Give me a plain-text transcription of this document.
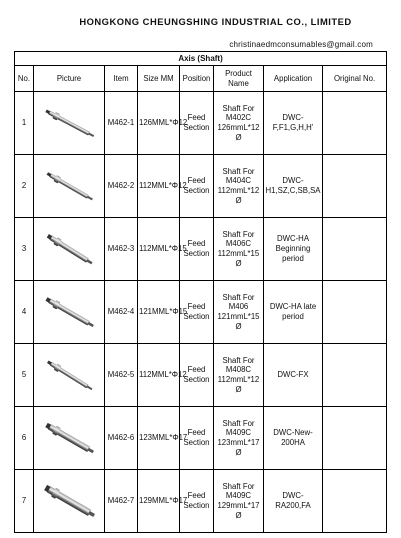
HONGKONG CHEUNGSHING INDUSTRIAL CO., LIMITED
christinaedmconsumables@gmail.com
Axis (Shaft)							
No.	Picture	Item	Size MM	Position	Product Name	Application	Original No.
1		M462-1	126MML*Φ12	Feed Section	Shaft For M402C 126mmL*12 Ø	DWC-F,F1,G,H,H'	
2		M462-2	112MML*Φ12	Feed Section	Shaft For M404C 112mmL*12 Ø	DWC-H1,SZ,C,SB,SA	
3		M462-3	112MML*Φ15	Feed Section	Shaft For M406C 112mmL*15 Ø	DWC-HA Beginning period	
4		M462-4	121MML*Φ15	Feed Section	Shaft For M406 121mmL*15 Ø	DWC-HA late period	
5		M462-5	112MML*Φ12	Feed Section	Shaft For M408C 112mmL*12 Ø	DWC-FX	
6		M462-6	123MML*Φ17	Feed Section	Shaft For M409C 123mmL*17 Ø	DWC-New-200HA	
7		M462-7	129MML*Φ17	Feed Section	Shaft For M409C 129mmL*17 Ø	DWC-RA200,FA	
